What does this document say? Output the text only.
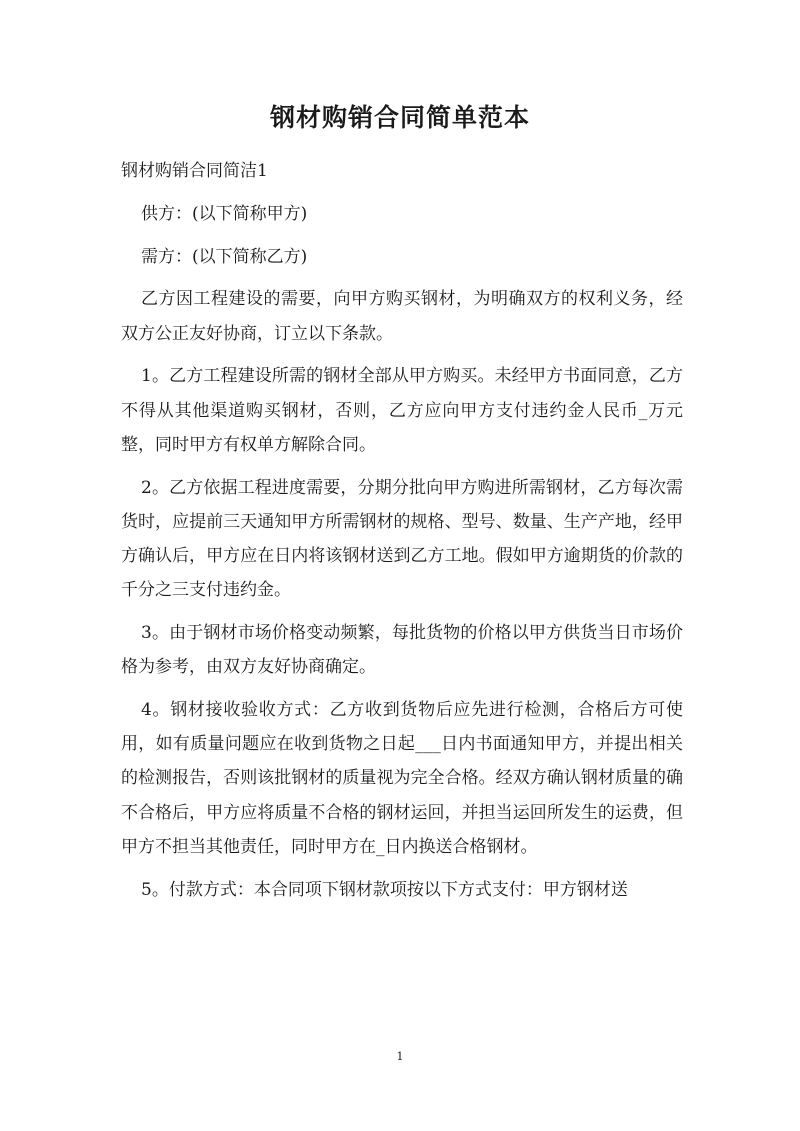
钢材购销合同简单范本

钢材购销合同简洁1

供方：(以下简称甲方)

需方：(以下简称乙方)

乙方因工程建设的需要，向甲方购买钢材，为明确双方的权利义务，经双方公正友好协商，订立以下条款。

1。乙方工程建设所需的钢材全部从甲方购买。未经甲方书面同意，乙方不得从其他渠道购买钢材，否则，乙方应向甲方支付违约金人民币_万元整，同时甲方有权单方解除合同。

2。乙方依据工程进度需要，分期分批向甲方购进所需钢材，乙方每次需货时，应提前三天通知甲方所需钢材的规格、型号、数量、生产产地，经甲方确认后，甲方应在日内将该钢材送到乙方工地。假如甲方逾期货的价款的千分之三支付违约金。

3。由于钢材市场价格变动频繁，每批货物的价格以甲方供货当日市场价格为参考，由双方友好协商确定。

4。钢材接收验收方式：乙方收到货物后应先进行检测，合格后方可使用，如有质量问题应在收到货物之日起___日内书面通知甲方，并提出相关的检测报告，否则该批钢材的质量视为完全合格。经双方确认钢材质量的确不合格后，甲方应将质量不合格的钢材运回，并担当运回所发生的运费，但甲方不担当其他责任，同时甲方在_日内换送合格钢材。

5。付款方式：本合同项下钢材款项按以下方式支付：甲方钢材送

1
